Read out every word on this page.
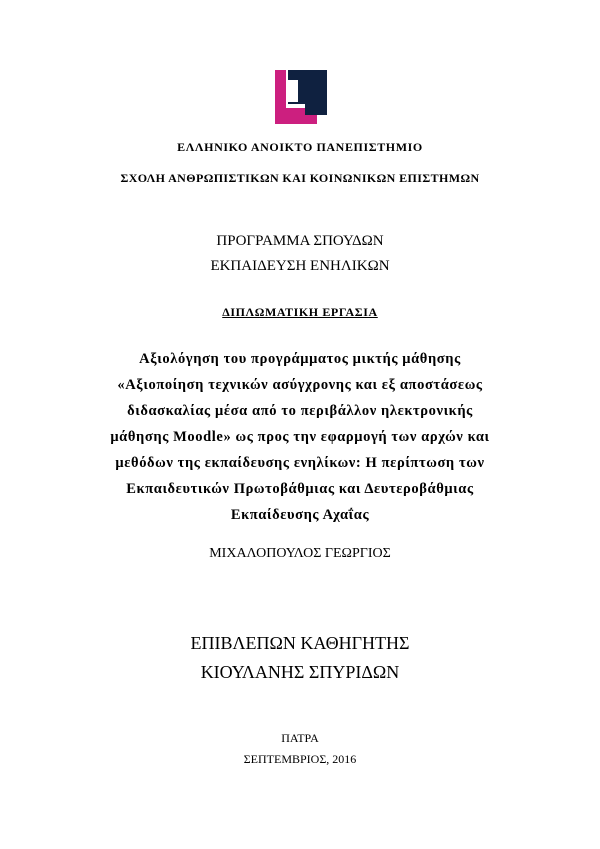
ΕΛΛΗΝΙΚΟ ΑΝΟΙΚΤΟ ΠΑΝΕΠΙΣΤΗΜΙΟ
ΣΧΟΛΗ ΑΝΘΡΩΠΙΣΤΙΚΩΝ ΚΑΙ ΚΟΙΝΩΝΙΚΩΝ ΕΠΙΣΤΗΜΩΝ
ΠΡΟΓΡΑΜΜΑ ΣΠΟΥΔΩΝ
ΕΚΠΑΙΔΕΥΣΗ ΕΝΗΛΙΚΩΝ
ΔΙΠΛΩΜΑΤΙΚΗ ΕΡΓΑΣΙΑ
Αξιολόγηση του προγράμματος μικτής μάθησης
«Αξιοποίηση τεχνικών ασύγχρονης και εξ αποστάσεως
διδασκαλίας μέσα από το περιβάλλον ηλεκτρονικής
μάθησης Moodle» ως προς την εφαρμογή των αρχών και
μεθόδων της εκπαίδευσης ενηλίκων: Η περίπτωση των
Εκπαιδευτικών Πρωτοβάθμιας και Δευτεροβάθμιας
Εκπαίδευσης Αχαΐας
ΜΙΧΑΛΟΠΟΥΛΟΣ ΓΕΩΡΓΙΟΣ
ΕΠΙΒΛΕΠΩΝ ΚΑΘΗΓΗΤΗΣ
ΚΙΟΥΛΑΝΗΣ ΣΠΥΡΙΔΩΝ
ΠΑΤΡΑ
ΣΕΠΤΕΜΒΡΙΟΣ, 2016
